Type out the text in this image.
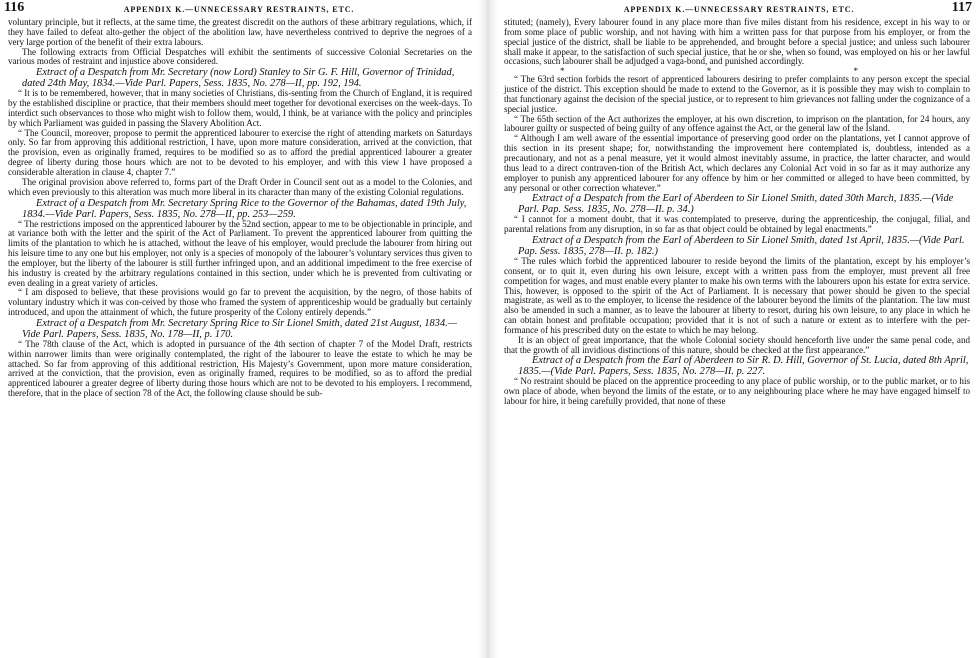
116	APPENDIX K.—UNNECESSARY RESTRAINTS, ETC.

voluntary principle, but it reflects, at the same time, the greatest discredit on the authors of these arbitrary regulations, which, if they have failed to defeat alto-gether the object of the abolition law, have nevertheless contrived to deprive the negroes of a very large portion of the benefit of their extra labours.

The following extracts from Official Despatches will exhibit the sentiments of successive Colonial Secretaries on the various modes of restraint and injustice above considered.

Extract of a Despatch from Mr. Secretary (now Lord) Stanley to Sir G. F. Hill, Governor of Trinidad, dated 24th May, 1834.—Vide Parl. Papers, Sess. 1835, No. 278—II, pp. 192, 194.

“ It is to be remembered, however, that in many societies of Christians, dis-senting from the Church of England, it is required by the established discipline or practice, that their members should meet together for devotional exercises on the week-days. To interdict such observances to those who might wish to follow them, would, I think, be at variance with the policy and principles by which Parliament was guided in passing the Slavery Abolition Act.

“ The Council, moreover, propose to permit the apprenticed labourer to exercise the right of attending markets on Saturdays only. So far from approving this additional restriction, I have, upon more mature consideration, arrived at the conviction, that the provision, even as originally framed, requires to be modified so as to afford the predial apprenticed labourer a greater degree of liberty during those hours which are not to be devoted to his employer, and with this view I have proposed a considerable alteration in clause 4, chapter 7.”

The original provision above referred to, forms part of the Draft Order in Council sent out as a model to the Colonies, and which even previously to this alteration was much more liberal in its character than many of the existing Colonial regulations.

Extract of a Despatch from Mr. Secretary Spring Rice to the Governor of the Bahamas, dated 19th July, 1834.—Vide Parl. Papers, Sess. 1835, No. 278—II, pp. 253—259.

“ The restrictions imposed on the apprenticed labourer by the 52nd section, appear to me to be objectionable in principle, and at variance both with the letter and the spirit of the Act of Parliament. To prevent the apprenticed labourer from quitting the limits of the plantation to which he is attached, without the leave of his employer, would preclude the labourer from hiring out his leisure time to any one but his employer, not only is a species of monopoly of the labourer’s voluntary services thus given to the employer, but the liberty of the labourer is still further infringed upon, and an additional impediment to the free exercise of his industry is created by the arbitrary regulations contained in this section, under which he is prevented from cultivating or even dealing in a great variety of articles.

“ I am disposed to believe, that these provisions would go far to prevent the acquisition, by the negro, of those habits of voluntary industry which it was con-ceived by those who framed the system of apprenticeship would be gradually but certainly introduced, and upon the attainment of which, the future prosperity of the Colony entirely depends.”

Extract of a Despatch from Mr. Secretary Spring Rice to Sir Lionel Smith, dated 21st August, 1834.—Vide Parl. Papers, Sess. 1835, No. 178—II, p. 170.

“ The 78th clause of the Act, which is adopted in pursuance of the 4th section of chapter 7 of the Model Draft, restricts within narrower limits than were originally contemplated, the right of the labourer to leave the estate to which he may be attached. So far from approving of this additional restriction, His Majesty’s Government, upon more mature consideration, arrived at the conviction, that the provision, even as originally framed, requires to be modified, so as to afford the predial apprenticed labourer a greater degree of liberty during those hours which are not to be devoted to his employers. I recommend, therefore, that in the place of section 78 of the Act, the following clause should be sub-

APPENDIX K.—UNNECESSARY RESTRAINTS, ETC.	117

stituted; (namely), Every labourer found in any place more than five miles distant from his residence, except in his way to or from some place of public worship, and not having with him a written pass for that purpose from his employer, or from the special justice of the district, shall be liable to be apprehended, and brought before a special justice; and unless such labourer shall make it appear, to the satisfaction of such special justice, that he or she, when so found, was employed on his or her lawful occasions, such labourer shall be adjudged a vaga-bond, and punished accordingly.

* * *

“ The 63rd section forbids the resort of apprenticed labourers desiring to prefer complaints to any person except the special justice of the district. This exception should be made to extend to the Governor, as it is possible they may wish to complain to that functionary against the decision of the special justice, or to represent to him grievances not falling under the cognizance of a special justice.

“ The 65th section of the Act authorizes the employer, at his own discretion, to imprison on the plantation, for 24 hours, any labourer guilty or suspected of being guilty of any offence against the Act, or the general law of the Island.

“ Although I am well aware of the essential importance of preserving good order on the plantations, yet I cannot approve of this section in its present shape; for, notwithstanding the improvement here contemplated is, doubtless, intended as a precautionary, and not as a penal measure, yet it would almost inevitably assume, in practice, the latter character, and would thus lead to a direct contraven-tion of the British Act, which declares any Colonial Act void in so far as it may authorize any employer to punish any apprenticed labourer for any offence by him or her committed or alleged to have been committed, by any personal or other correction whatever.”

Extract of a Despatch from the Earl of Aberdeen to Sir Lionel Smith, dated 30th March, 1835.—(Vide Parl. Pap. Sess. 1835, No. 278—II. p. 34.)

“ I cannot for a moment doubt, that it was contemplated to preserve, during the apprenticeship, the conjugal, filial, and parental relations from any disruption, in so far as that object could be obtained by legal enactments.”

Extract of a Despatch from the Earl of Aberdeen to Sir Lionel Smith, dated 1st April, 1835.—(Vide Parl. Pap. Sess. 1835, 278—II. p. 182.)

“ The rules which forbid the apprenticed labourer to reside beyond the limits of the plantation, except by his employer’s consent, or to quit it, even during his own leisure, except with a written pass from the employer, must prevent all free competition for wages, and must enable every planter to make his own terms with the labourers upon his estate for extra service. This, however, is opposed to the spirit of the Act of Parliament. It is necessary that power should be given to the special magistrate, as well as to the employer, to license the residence of the labourer beyond the limits of the plantation. The law must also be amended in such a manner, as to leave the labourer at liberty to resort, during his own leisure, to any place in which he can obtain honest and profitable occupation; provided that it is not of such a nature or extent as to interfere with the per-formance of his prescribed duty on the estate to which he may belong.

It is an object of great importance, that the whole Colonial society should henceforth live under the same penal code, and that the growth of all invidious distinctions of this nature, should be checked at the first appearance.”

Extract of a Despatch from the Earl of Aberdeen to Sir R. D. Hill, Governor of St. Lucia, dated 8th April, 1835.—(Vide Parl. Papers, Sess. 1835, No. 278—II. p. 227.

“ No restraint should be placed on the apprentice proceeding to any place of public worship, or to the public market, or to his own place of abode, when beyond the limits of the estate, or to any neighbouring place where he may have engaged himself to labour for hire, it being carefully provided, that none of these
